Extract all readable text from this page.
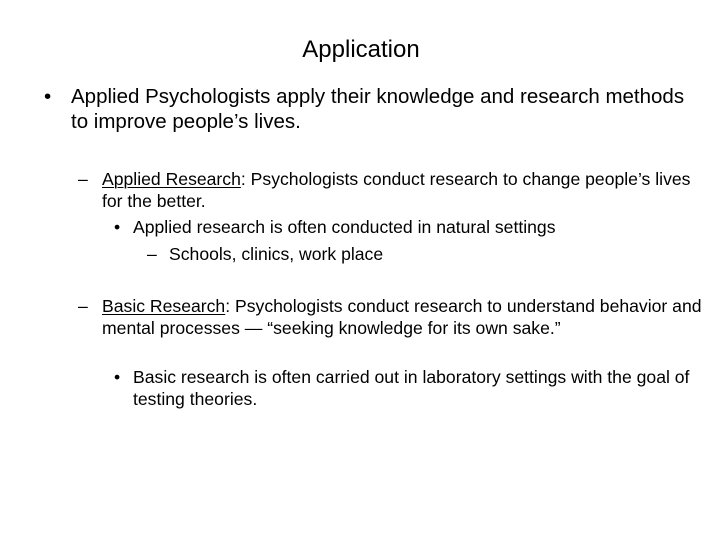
Application
• Applied Psychologists apply their knowledge and research methods to improve people’s lives.
– Applied Research: Psychologists conduct research to change people’s lives for the better.
• Applied research is often conducted in natural settings
– Schools, clinics, work place
– Basic Research: Psychologists conduct research to understand behavior and mental processes — “seeking knowledge for its own sake.”
• Basic research is often carried out in laboratory settings with the goal of testing theories.
